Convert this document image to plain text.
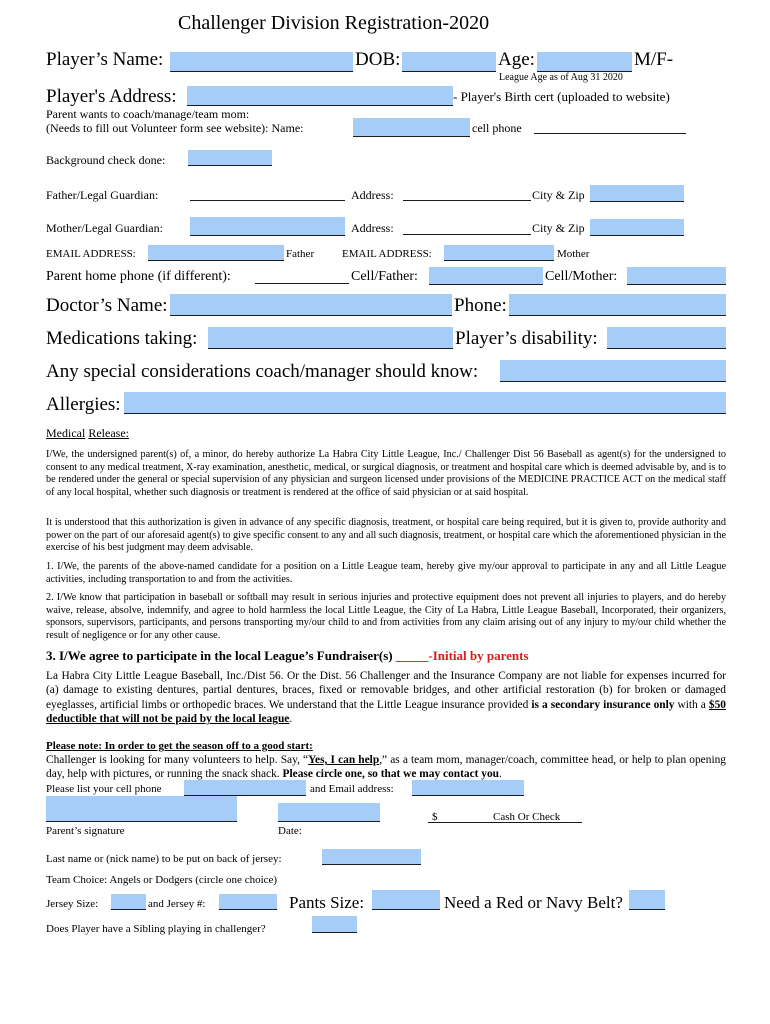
Challenger Division Registration-2020
Player’s Name:	DOB:	Age:	M/F-
League Age as of Aug 31 2020
Player's Address:	- Player's Birth cert (uploaded to website)
Parent wants to coach/manage/team mom:
(Needs to fill out Volunteer form see website): Name:	cell phone
Background check done:
Father/Legal Guardian:	Address:	City & Zip
Mother/Legal Guardian:	Address:	City & Zip
EMAIL ADDRESS:	Father	EMAIL ADDRESS:	Mother
Parent home phone (if different):	Cell/Father:	Cell/Mother:
Doctor’s Name:	Phone:
Medications taking:	Player’s disability:
Any special considerations coach/manager should know:
Allergies:
Medical Release:
I/We, the undersigned parent(s) of, a minor, do hereby authorize La Habra City Little League, Inc./ Challenger Dist 56 Baseball as agent(s) for the undersigned to consent to any medical treatment, X-ray examination, anesthetic, medical, or surgical diagnosis, or treatment and hospital care which is deemed advisable by, and is to be rendered under the general or special supervision of any physician and surgeon licensed under provisions of the MEDICINE PRACTICE ACT on the medical staff of any local hospital, whether such diagnosis or treatment is rendered at the office of said physician or at said hospital.
It is understood that this authorization is given in advance of any specific diagnosis, treatment, or hospital care being required, but it is given to, provide authority and power on the part of our aforesaid agent(s) to give specific consent to any and all such diagnosis, treatment, or hospital care which the aforementioned physician in the exercise of his best judgment may deem advisable.
1. I/We, the parents of the above-named candidate for a position on a Little League team, hereby give my/our approval to participate in any and all Little League activities, including transportation to and from the activities.
2. I/We know that participation in baseball or softball may result in serious injuries and protective equipment does not prevent all injuries to players, and do hereby waive, release, absolve, indemnify, and agree to hold harmless the local Little League, the City of La Habra, Little League Baseball, Incorporated, their organizers, sponsors, supervisors, participants, and persons transporting my/our child to and from activities from any claim arising out of any injury to my/our child whether the result of negligence or for any other cause.
3. I/We agree to participate in the local League’s Fundraiser(s) _____-Initial by parents
La Habra City Little League Baseball, Inc./Dist 56. Or the Dist. 56 Challenger and the Insurance Company are not liable for expenses incurred for (a) damage to existing dentures, partial dentures, braces, fixed or removable bridges, and other artificial restoration (b) for broken or damaged eyeglasses, artificial limbs or orthopedic braces. We understand that the Little League insurance provided is a secondary insurance only with a $50 deductible that will not be paid by the local league.
Please note: In order to get the season off to a good start:
Challenger is looking for many volunteers to help. Say, “Yes, I can help,” as a team mom, manager/coach, committee head, or help to plan opening day, help with pictures, or running the snack shack. Please circle one, so that we may contact you.
Please list your cell phone	and Email address:
Parent’s signature	Date:
$	Cash Or Check
Last name or (nick name) to be put on back of jersey:
Team Choice: Angels or Dodgers (circle one choice)
Jersey Size:	and Jersey #:	Pants Size:	Need a Red or Navy Belt?
Does Player have a Sibling playing in challenger?
